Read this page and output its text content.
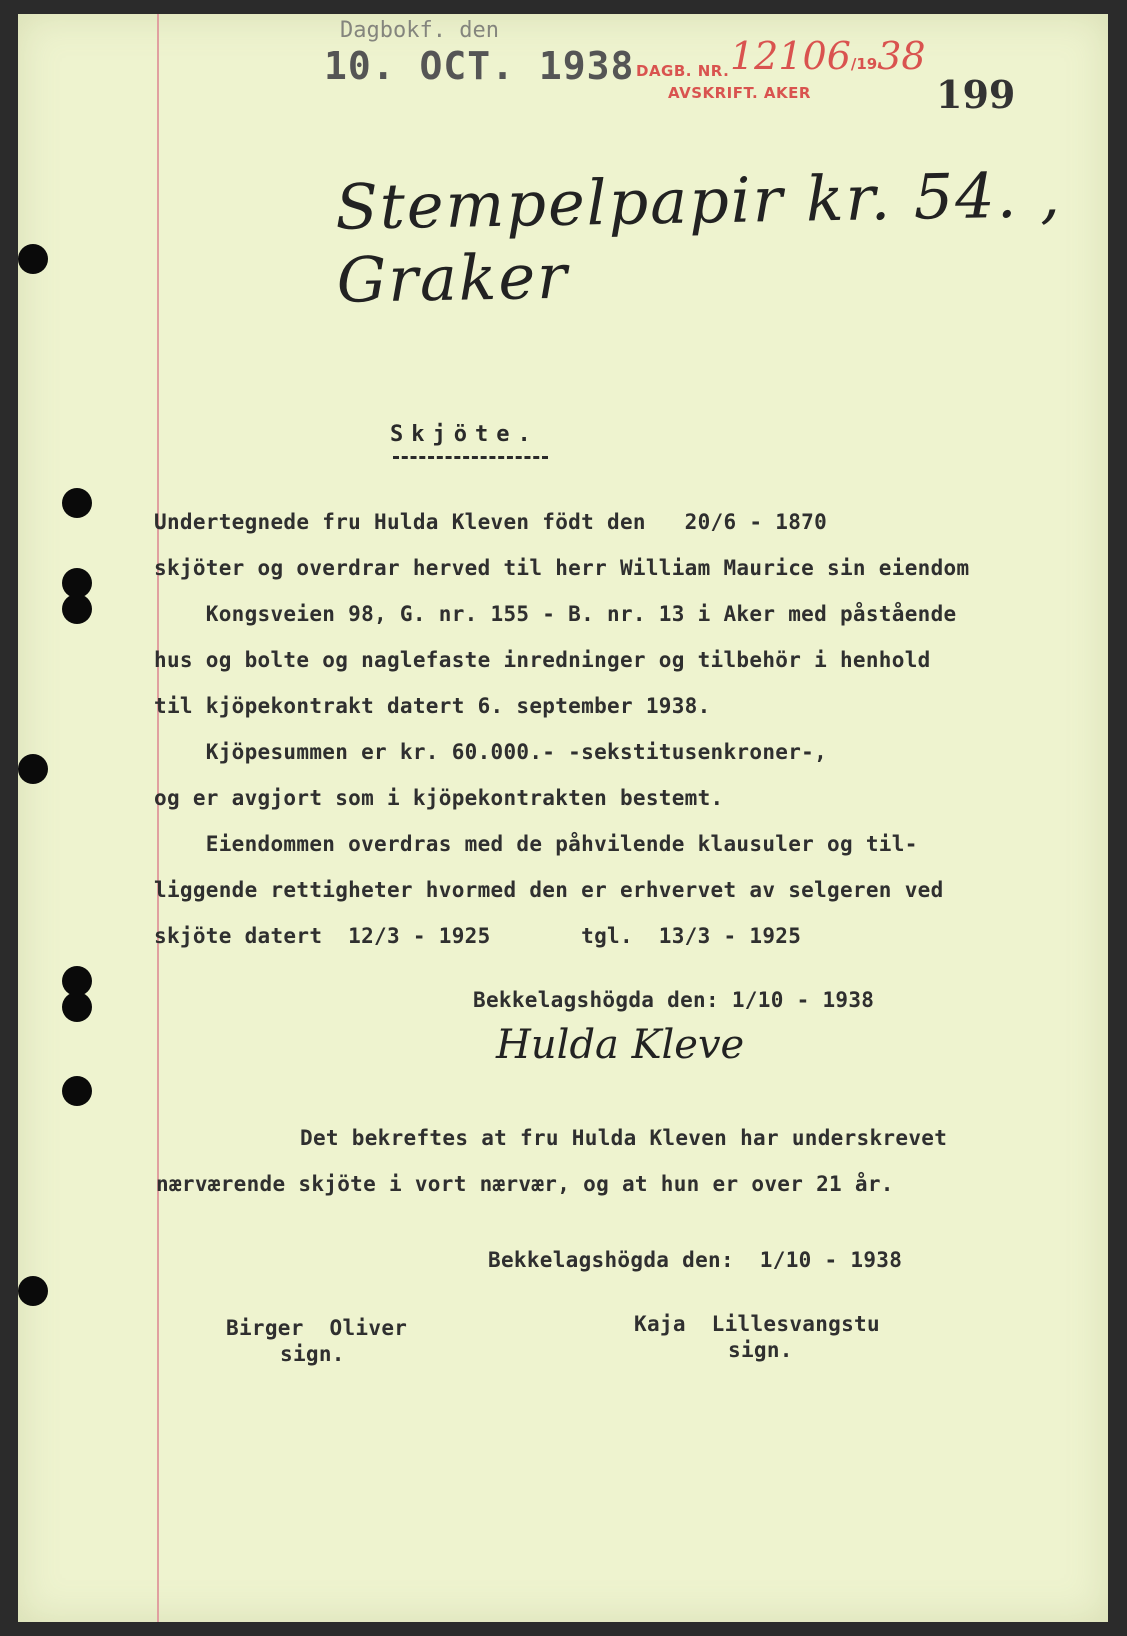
Dagbokf. den
10. OCT. 1938 DAGB. NR. 12106/1938
AVSKRIFT. AKER	199
Stempelpapir kr. 54. , Graker
Skjöte.
Undertegnede fru Hulda Kleven födt den   20/6 - 1870
skjöter og overdrar herved til herr William Maurice sin eiendom
Kongsveien 98, G. nr. 155 - B. nr. 13 i Aker med påstående
hus og bolte og naglefaste inredninger og tilbehör i henhold
til kjöpekontrakt datert 6. september 1938.
Kjöpesummen er kr. 60.000.- -sekstitusenkroner-,
og er avgjort som i kjöpekontrakten bestemt.
Eiendommen overdras med de påhvilende klausuler og til-
liggende rettigheter hvormed den er erhvervet av selgeren ved
skjöte datert  12/3 - 1925       tgl.  13/3 - 1925
Bekkelagshögda den: 1/10 - 1938
Hulda Kleve
Det bekreftes at fru Hulda Kleven har underskrevet
nærværende skjöte i vort nærvær, og at hun er over 21 år.
Bekkelagshögda den:  1/10 - 1938
Birger  Oliver
sign.
Kaja  Lillesvangstu
sign.
